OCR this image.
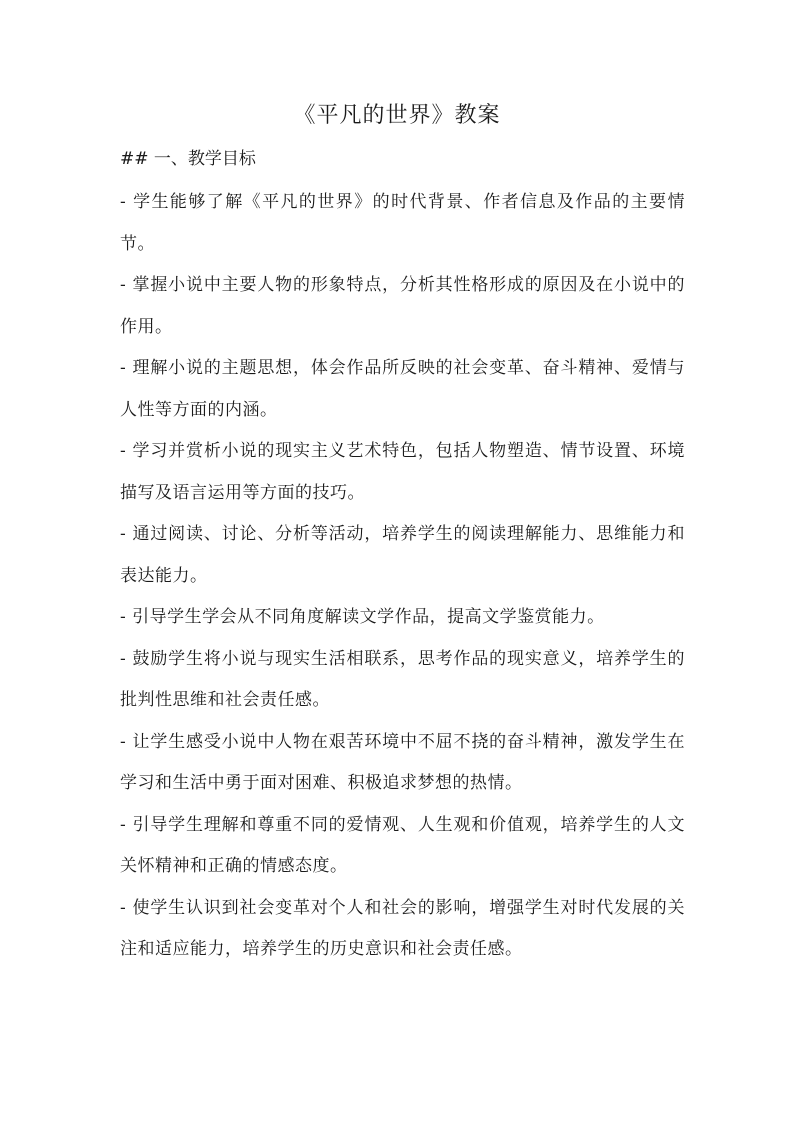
《平凡的世界》教案
## 一、教学目标

- 学生能够了解《平凡的世界》的时代背景、作者信息及作品的主要情节。

- 掌握小说中主要人物的形象特点，分析其性格形成的原因及在小说中的作用。

- 理解小说的主题思想，体会作品所反映的社会变革、奋斗精神、爱情与人性等方面的内涵。

- 学习并赏析小说的现实主义艺术特色，包括人物塑造、情节设置、环境描写及语言运用等方面的技巧。

- 通过阅读、讨论、分析等活动，培养学生的阅读理解能力、思维能力和表达能力。

- 引导学生学会从不同角度解读文学作品，提高文学鉴赏能力。

- 鼓励学生将小说与现实生活相联系，思考作品的现实意义，培养学生的批判性思维和社会责任感。

- 让学生感受小说中人物在艰苦环境中不屈不挠的奋斗精神，激发学生在学习和生活中勇于面对困难、积极追求梦想的热情。

- 引导学生理解和尊重不同的爱情观、人生观和价值观，培养学生的人文关怀精神和正确的情感态度。

- 使学生认识到社会变革对个人和社会的影响，增强学生对时代发展的关注和适应能力，培养学生的历史意识和社会责任感。
